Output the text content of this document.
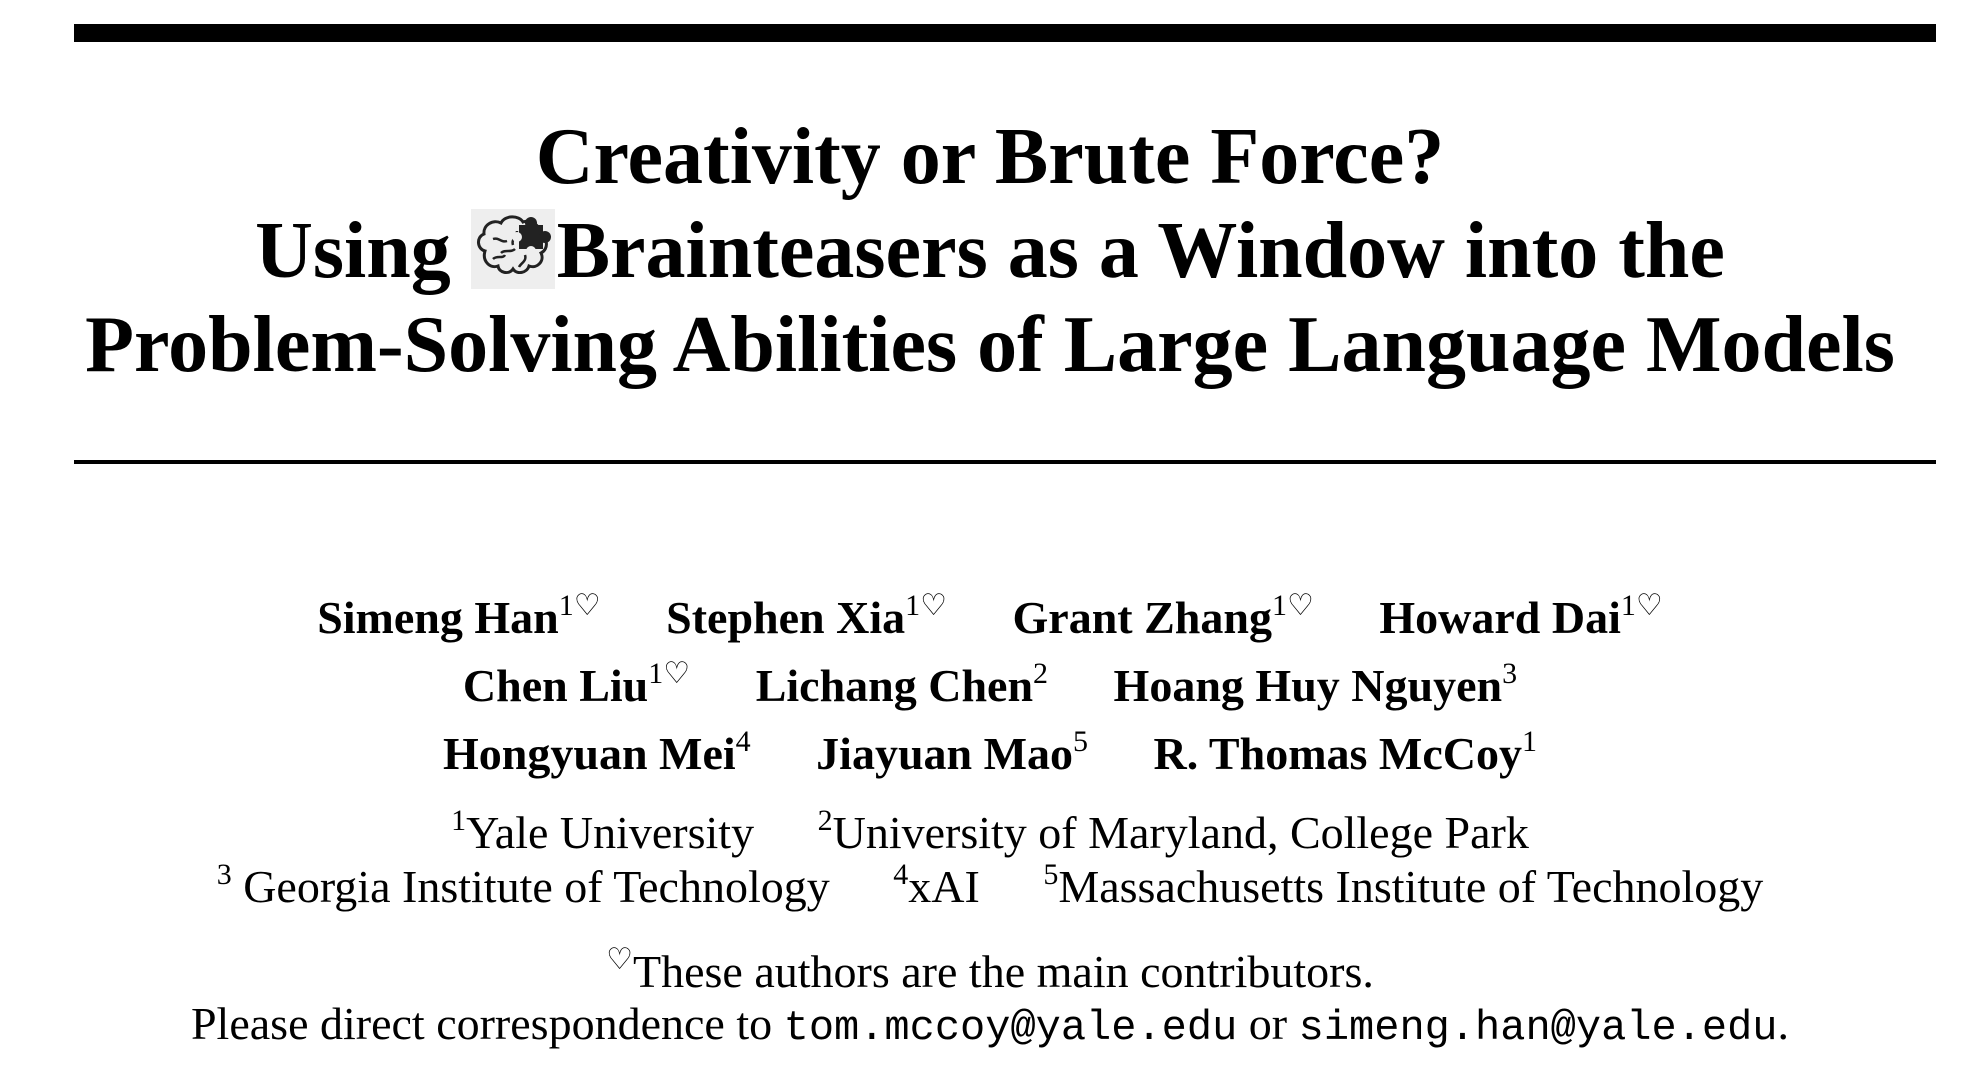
Creativity or Brute Force?
Using Brainteasers as a Window into the
Problem-Solving Abilities of Large Language Models
Simeng Han$^{1♡}$ Stephen Xia$^{1♡}$ Grant Zhang$^{1♡}$ Howard Dai$^{1♡}$
Chen Liu$^{1♡}$ Lichang Chen$^2$ Hoang Huy Nguyen$^3$
Hongyuan Mei$^4$ Jiayuan Mao$^5$ R. Thomas McCoy$^1$
$^1$Yale University $^2$University of Maryland, College Park
$^3$ Georgia Institute of Technology $^4$xAI $^5$Massachusetts Institute of Technology
♡These authors are the main contributors.
Please direct correspondence to tom.mccoy@yale.edu or simeng.han@yale.edu.
